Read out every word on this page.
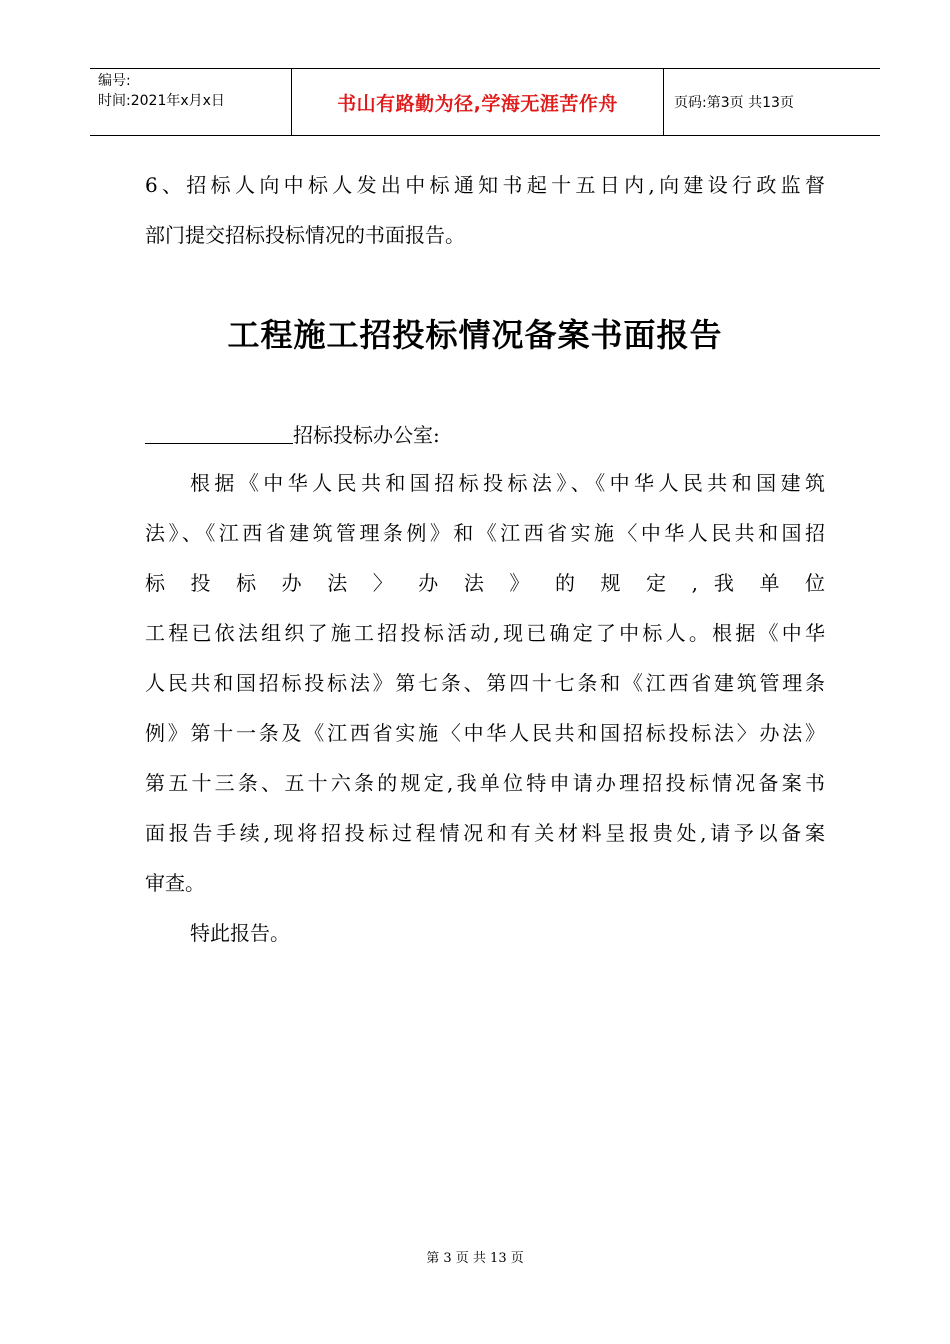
编号:
时间:2021年x月x日	书山有路勤为径,学海无涯苦作舟	页码:第3页 共13页
6、招标人向中标人发出中标通知书起十五日内,向建设行政监督
部门提交招标投标情况的书面报告。
工程施工招投标情况备案书面报告
招标投标办公室:
根据《中华人民共和国招标投标法》、《中华人民共和国建筑
法》、《江西省建筑管理条例》和《江西省实施〈中华人民共和国招
标 投 标 办 法 〉 办 法 》 的 规 定 , 我 单 位
工程已依法组织了施工招投标活动,现已确定了中标人。根据《中华
人民共和国招标投标法》第七条、第四十七条和《江西省建筑管理条
例》第十一条及《江西省实施〈中华人民共和国招标投标法〉办法》
第五十三条、五十六条的规定,我单位特申请办理招投标情况备案书
面报告手续,现将招投标过程情况和有关材料呈报贵处,请予以备案
审查。
特此报告。
第 3 页 共 13 页
